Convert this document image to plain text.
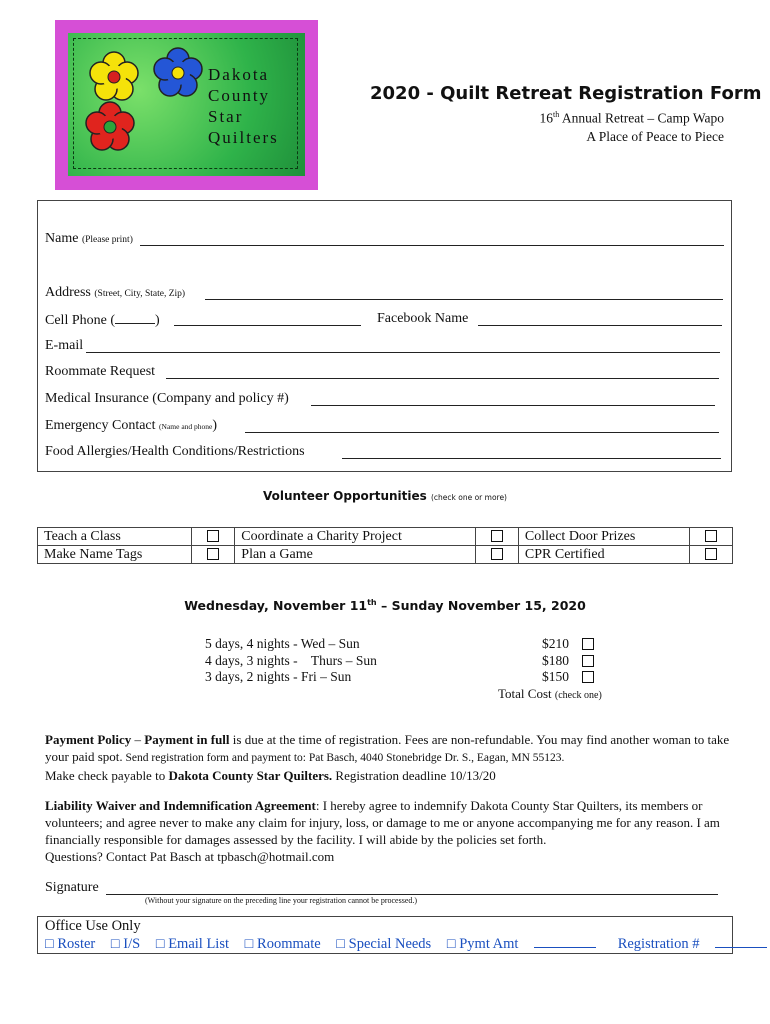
Dakota
County
Star
Quilters
2020 - Quilt Retreat Registration Form
16th Annual Retreat – Camp Wapo
A Place of Peace to Piece
Name (Please print)
Address (Street, City, State, Zip)
Cell Phone (	)	Facebook Name
E-mail
Roommate Request
Medical Insurance (Company and policy #)
Emergency Contact (Name and phone)
Food Allergies/Health Conditions/Restrictions
Volunteer Opportunities (check one or more)
Teach a Class		Coordinate a Charity Project		Collect Door Prizes	
Make Name Tags		Plan a Game		CPR Certified	
Wednesday, November 11th – Sunday November 15, 2020
5 days, 4 nights - Wed – Sun	$210
4 days, 3 nights -    Thurs – Sun	$180
3 days, 2 nights - Fri – Sun	$150
Total Cost (check one)
Payment Policy – Payment in full is due at the time of registration. Fees are non-refundable. You may find another woman to take your paid spot. Send registration form and payment to: Pat Basch, 4040 Stonebridge Dr. S., Eagan, MN 55123.
Make check payable to Dakota County Star Quilters. Registration deadline 10/13/20
Liability Waiver and Indemnification Agreement: I hereby agree to indemnify Dakota County Star Quilters, its members or volunteers; and agree never to make any claim for injury, loss, or damage to me or anyone accompanying me for any reason. I am financially responsible for damages assessed by the facility. I will abide by the policies set forth.
Questions? Contact Pat Basch at tpbasch@hotmail.com
Signature
(Without your signature on the preceding line your registration cannot be processed.)
Office Use Only
□ Roster □ I/S □ Email List □ Roommate □ Special Needs □ Pymt Amt	Registration #
